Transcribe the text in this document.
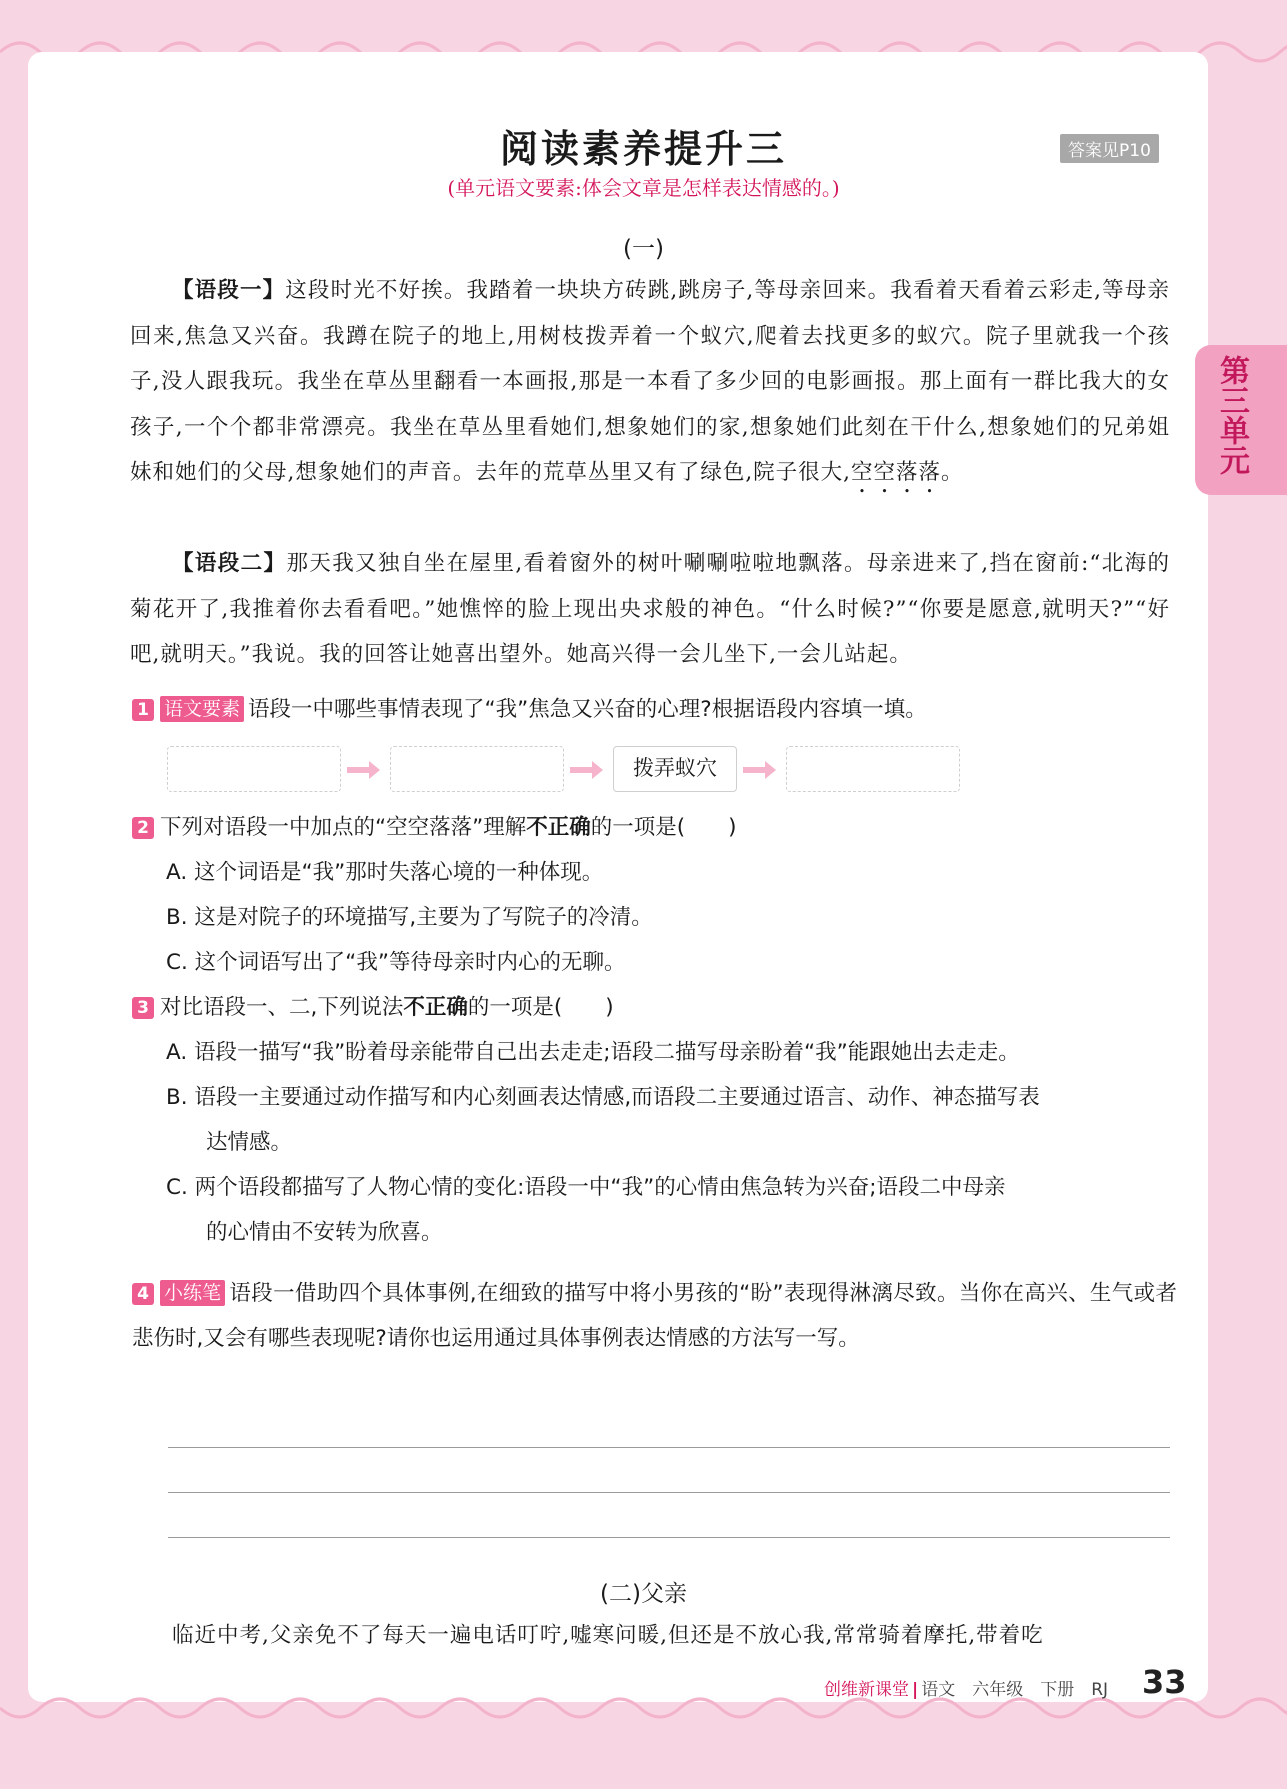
第三单元
阅读素养提升三	答案见P10
(单元语文要素:体会文章是怎样表达情感的。)
(一)
【语段一】这段时光不好挨。我踏着一块块方砖跳,跳房子,等母亲回来。我看着天看着云彩走,等母亲回来,焦急又兴奋。我蹲在院子的地上,用树枝拨弄着一个蚁穴,爬着去找更多的蚁穴。院子里就我一个孩子,没人跟我玩。我坐在草丛里翻看一本画报,那是一本看了多少回的电影画报。那上面有一群比我大的女孩子,一个个都非常漂亮。我坐在草丛里看她们,想象她们的家,想象她们此刻在干什么,想象她们的兄弟姐妹和她们的父母,想象她们的声音。去年的荒草丛里又有了绿色,院子很大,空空落落。
【语段二】那天我又独自坐在屋里,看着窗外的树叶唰唰啦啦地飘落。母亲进来了,挡在窗前:“北海的菊花开了,我推着你去看看吧。”她憔悴的脸上现出央求般的神色。“什么时候?”“你要是愿意,就明天?”“好吧,就明天。”我说。我的回答让她喜出望外。她高兴得一会儿坐下,一会儿站起。
1 语文要素 语段一中哪些事情表现了“我”焦急又兴奋的心理?根据语段内容填一填。
拨弄蚁穴
2 下列对语段一中加点的“空空落落”理解不正确的一项是(　　)
A. 这个词语是“我”那时失落心境的一种体现。
B. 这是对院子的环境描写,主要为了写院子的冷清。
C. 这个词语写出了“我”等待母亲时内心的无聊。
3 对比语段一、二,下列说法不正确的一项是(　　)
A. 语段一描写“我”盼着母亲能带自己出去走走;语段二描写母亲盼着“我”能跟她出去走走。
B. 语段一主要通过动作描写和内心刻画表达情感,而语段二主要通过语言、动作、神态描写表
达情感。
C. 两个语段都描写了人物心情的变化:语段一中“我”的心情由焦急转为兴奋;语段二中母亲
的心情由不安转为欣喜。
4 小练笔 语段一借助四个具体事例,在细致的描写中将小男孩的“盼”表现得淋漓尽致。当你在高兴、生气或者悲伤时,又会有哪些表现呢?请你也运用通过具体事例表达情感的方法写一写。
(二)父亲
临近中考,父亲免不了每天一遍电话叮咛,嘘寒问暖,但还是不放心我,常常骑着摩托,带着吃
创维新课堂 | 语文　六年级　下册　RJ 33
